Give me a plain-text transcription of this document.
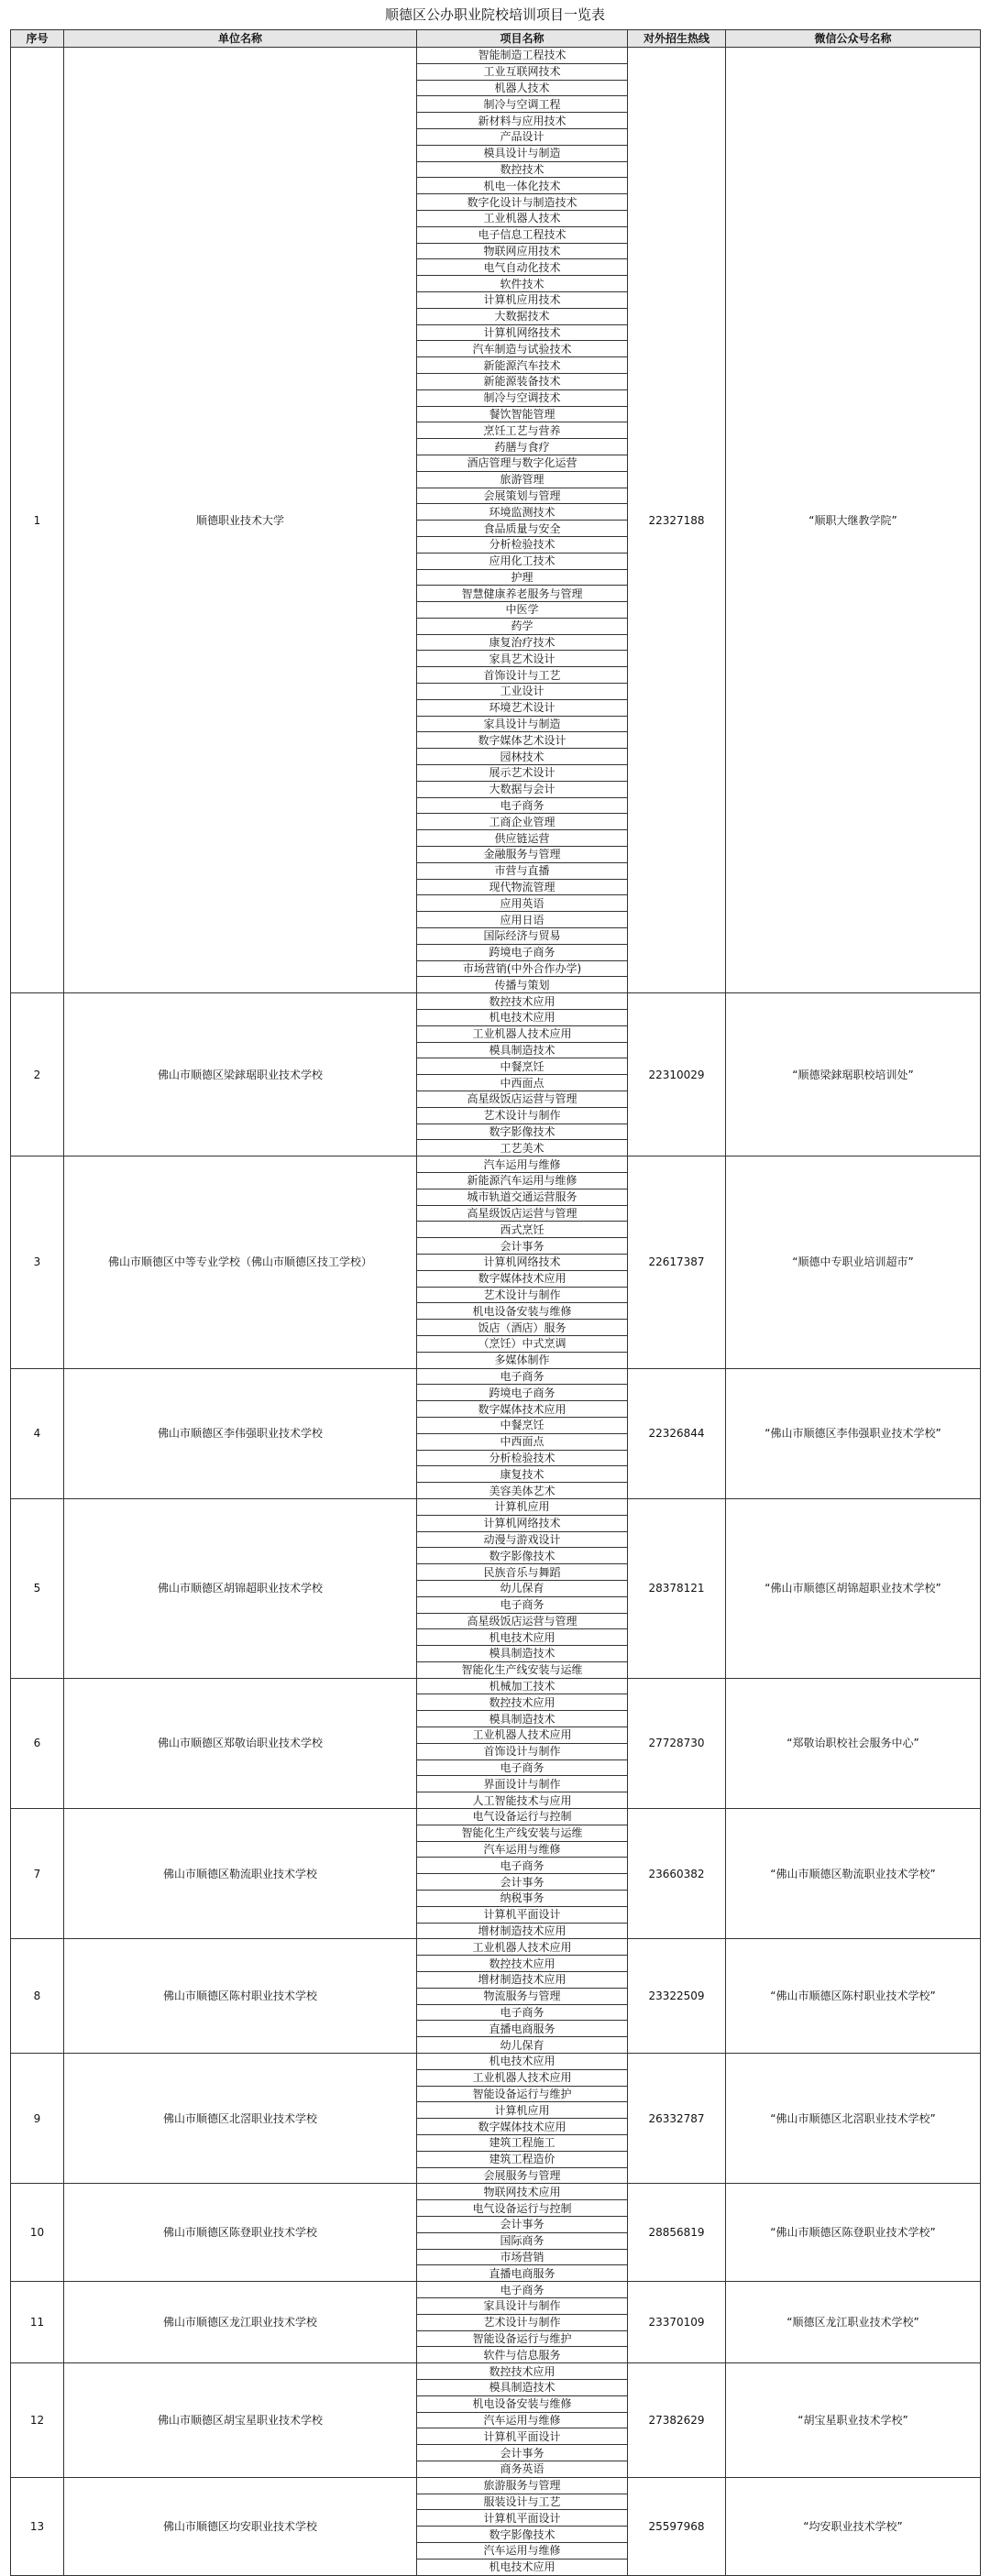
顺德区公办职业院校培训项目一览表
序号	单位名称	项目名称	对外招生热线	微信公众号名称
1	顺德职业技术大学	智能制造工程技术	22327188	“顺职大继教学院”
		工业互联网技术		
		机器人技术		
		制冷与空调工程		
		新材料与应用技术		
		产品设计		
		模具设计与制造		
		数控技术		
		机电一体化技术		
		数字化设计与制造技术		
		工业机器人技术		
		电子信息工程技术		
		物联网应用技术		
		电气自动化技术		
		软件技术		
		计算机应用技术		
		大数据技术		
		计算机网络技术		
		汽车制造与试验技术		
		新能源汽车技术		
		新能源装备技术		
		制冷与空调技术		
		餐饮智能管理		
		烹饪工艺与营养		
		药膳与食疗		
		酒店管理与数字化运营		
		旅游管理		
		会展策划与管理		
		环境监测技术		
		食品质量与安全		
		分析检验技术		
		应用化工技术		
		护理		
		智慧健康养老服务与管理		
		中医学		
		药学		
		康复治疗技术		
		家具艺术设计		
		首饰设计与工艺		
		工业设计		
		环境艺术设计		
		家具设计与制造		
		数字媒体艺术设计		
		园林技术		
		展示艺术设计		
		大数据与会计		
		电子商务		
		工商企业管理		
		供应链运营		
		金融服务与管理		
		市营与直播		
		现代物流管理		
		应用英语		
		应用日语		
		国际经济与贸易		
		跨境电子商务		
		市场营销(中外合作办学)		
		传播与策划		
2	佛山市顺德区梁銶琚职业技术学校	数控技术应用	22310029	“顺德梁銶琚职校培训处”
		机电技术应用		
		工业机器人技术应用		
		模具制造技术		
		中餐烹饪		
		中西面点		
		高星级饭店运营与管理		
		艺术设计与制作		
		数字影像技术		
		工艺美术		
3	佛山市顺德区中等专业学校（佛山市顺德区技工学校）	汽车运用与维修	22617387	“顺德中专职业培训超市”
		新能源汽车运用与维修		
		城市轨道交通运营服务		
		高星级饭店运营与管理		
		西式烹饪		
		会计事务		
		计算机网络技术		
		数字媒体技术应用		
		艺术设计与制作		
		机电设备安装与维修		
		饭店（酒店）服务		
		（烹饪）中式烹调		
		多媒体制作		
4	佛山市顺德区李伟强职业技术学校	电子商务	22326844	“佛山市顺德区李伟强职业技术学校”
		跨境电子商务		
		数字媒体技术应用		
		中餐烹饪		
		中西面点		
		分析检验技术		
		康复技术		
		美容美体艺术		
5	佛山市顺德区胡锦超职业技术学校	计算机应用	28378121	“佛山市顺德区胡锦超职业技术学校”
		计算机网络技术		
		动漫与游戏设计		
		数字影像技术		
		民族音乐与舞蹈		
		幼儿保育		
		电子商务		
		高星级饭店运营与管理		
		机电技术应用		
		模具制造技术		
		智能化生产线安装与运维		
6	佛山市顺德区郑敬诒职业技术学校	机械加工技术	27728730	“郑敬诒职校社会服务中心”
		数控技术应用		
		模具制造技术		
		工业机器人技术应用		
		首饰设计与制作		
		电子商务		
		界面设计与制作		
		人工智能技术与应用		
7	佛山市顺德区勒流职业技术学校	电气设备运行与控制	23660382	“佛山市顺德区勒流职业技术学校”
		智能化生产线安装与运维		
		汽车运用与维修		
		电子商务		
		会计事务		
		纳税事务		
		计算机平面设计		
		增材制造技术应用		
8	佛山市顺德区陈村职业技术学校	工业机器人技术应用	23322509	“佛山市顺德区陈村职业技术学校”
		数控技术应用		
		增材制造技术应用		
		物流服务与管理		
		电子商务		
		直播电商服务		
		幼儿保育		
9	佛山市顺德区北滘职业技术学校	机电技术应用	26332787	“佛山市顺德区北滘职业技术学校”
		工业机器人技术应用		
		智能设备运行与维护		
		计算机应用		
		数字媒体技术应用		
		建筑工程施工		
		建筑工程造价		
		会展服务与管理		
10	佛山市顺德区陈登职业技术学校	物联网技术应用	28856819	“佛山市顺德区陈登职业技术学校”
		电气设备运行与控制		
		会计事务		
		国际商务		
		市场营销		
		直播电商服务		
11	佛山市顺德区龙江职业技术学校	电子商务	23370109	“顺德区龙江职业技术学校”
		家具设计与制作		
		艺术设计与制作		
		智能设备运行与维护		
		软件与信息服务		
12	佛山市顺德区胡宝星职业技术学校	数控技术应用	27382629	“胡宝星职业技术学校”
		模具制造技术		
		机电设备安装与维修		
		汽车运用与维修		
		计算机平面设计		
		会计事务		
		商务英语		
13	佛山市顺德区均安职业技术学校	旅游服务与管理	25597968	“均安职业技术学校”
		服装设计与工艺		
		计算机平面设计		
		数字影像技术		
		汽车运用与维修		
		机电技术应用		
